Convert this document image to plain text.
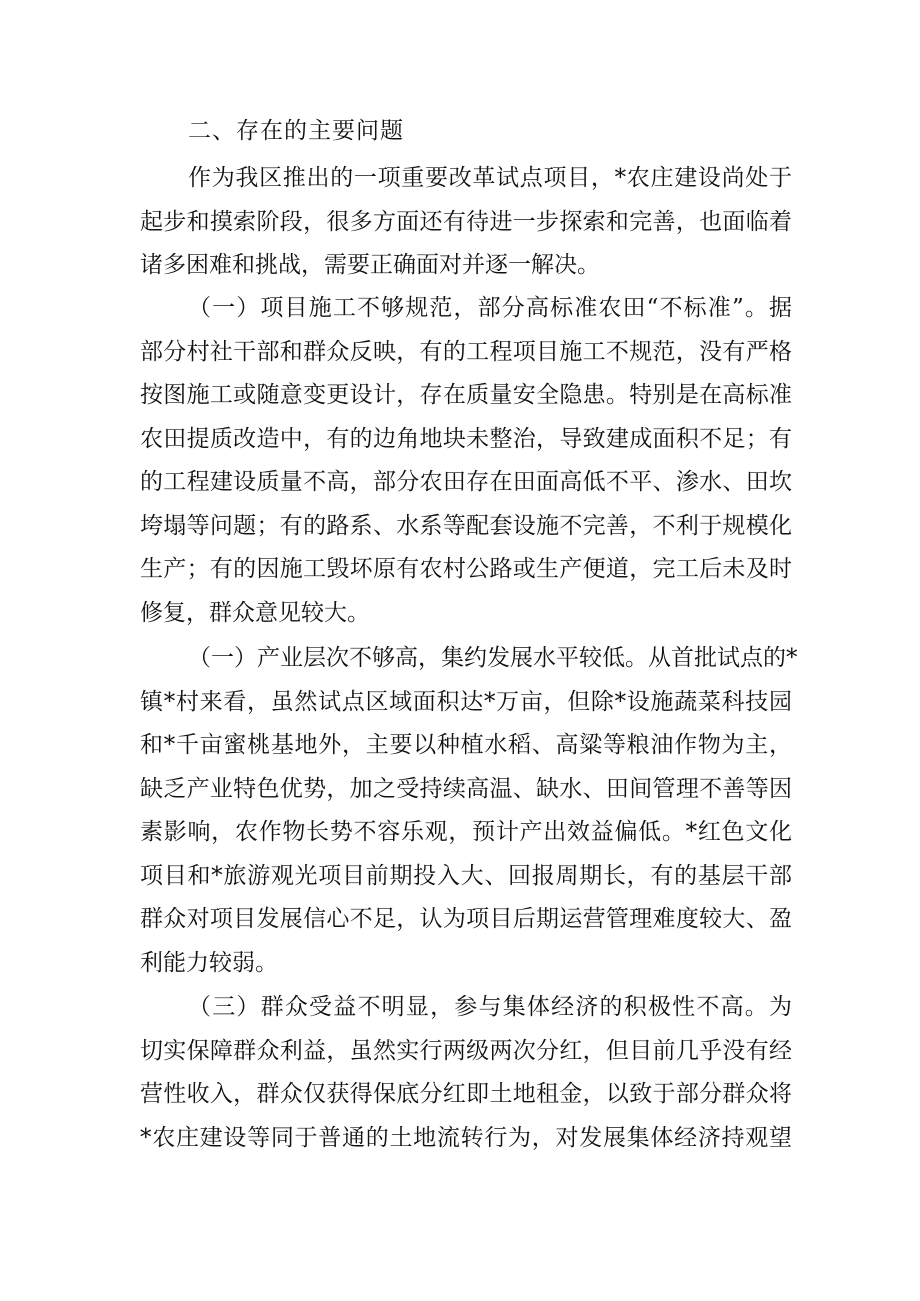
二、存在的主要问题
作为我区推出的一项重要改革试点项目，*农庄建设尚处于
起步和摸索阶段，很多方面还有待进一步探索和完善，也面临着
诸多困难和挑战，需要正确面对并逐一解决。
（一）项目施工不够规范，部分高标准农田“不标准”。据
部分村社干部和群众反映，有的工程项目施工不规范，没有严格
按图施工或随意变更设计，存在质量安全隐患。特别是在高标准
农田提质改造中，有的边角地块未整治，导致建成面积不足；有
的工程建设质量不高，部分农田存在田面高低不平、渗水、田坎
垮塌等问题；有的路系、水系等配套设施不完善，不利于规模化
生产；有的因施工毁坏原有农村公路或生产便道，完工后未及时
修复，群众意见较大。
（一）产业层次不够高，集约发展水平较低。从首批试点的*
镇*村来看，虽然试点区域面积达*万亩，但除*设施蔬菜科技园
和*千亩蜜桃基地外，主要以种植水稻、高粱等粮油作物为主，
缺乏产业特色优势，加之受持续高温、缺水、田间管理不善等因
素影响，农作物长势不容乐观，预计产出效益偏低。*红色文化
项目和*旅游观光项目前期投入大、回报周期长，有的基层干部
群众对项目发展信心不足，认为项目后期运营管理难度较大、盈
利能力较弱。
（三）群众受益不明显，参与集体经济的积极性不高。为
切实保障群众利益，虽然实行两级两次分红，但目前几乎没有经
营性收入，群众仅获得保底分红即土地租金，以致于部分群众将
*农庄建设等同于普通的土地流转行为，对发展集体经济持观望
